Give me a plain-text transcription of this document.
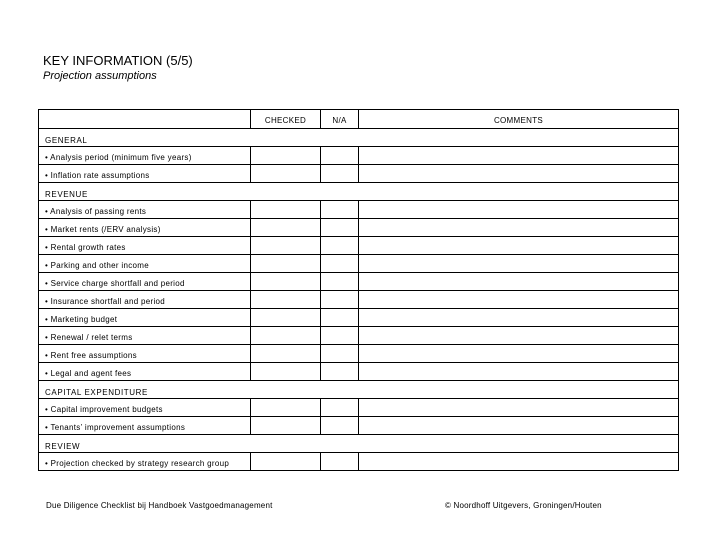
KEY INFORMATION (5/5)
Projection assumptions
CHECKED	N/A	COMMENTS
GENERAL
• Analysis period (minimum five years)
• Inflation rate assumptions
REVENUE
• Analysis of passing rents
• Market rents (/ERV analysis)
• Rental growth rates
• Parking and other income
• Service charge shortfall and period
• Insurance shortfall and period
• Marketing budget
• Renewal / relet terms
• Rent free assumptions
• Legal and agent fees
CAPITAL EXPENDITURE
• Capital improvement budgets
• Tenants’ improvement assumptions
REVIEW
• Projection checked by strategy research group
Due Diligence Checklist bij Handboek Vastgoedmanagement	© Noordhoff Uitgevers, Groningen/Houten
